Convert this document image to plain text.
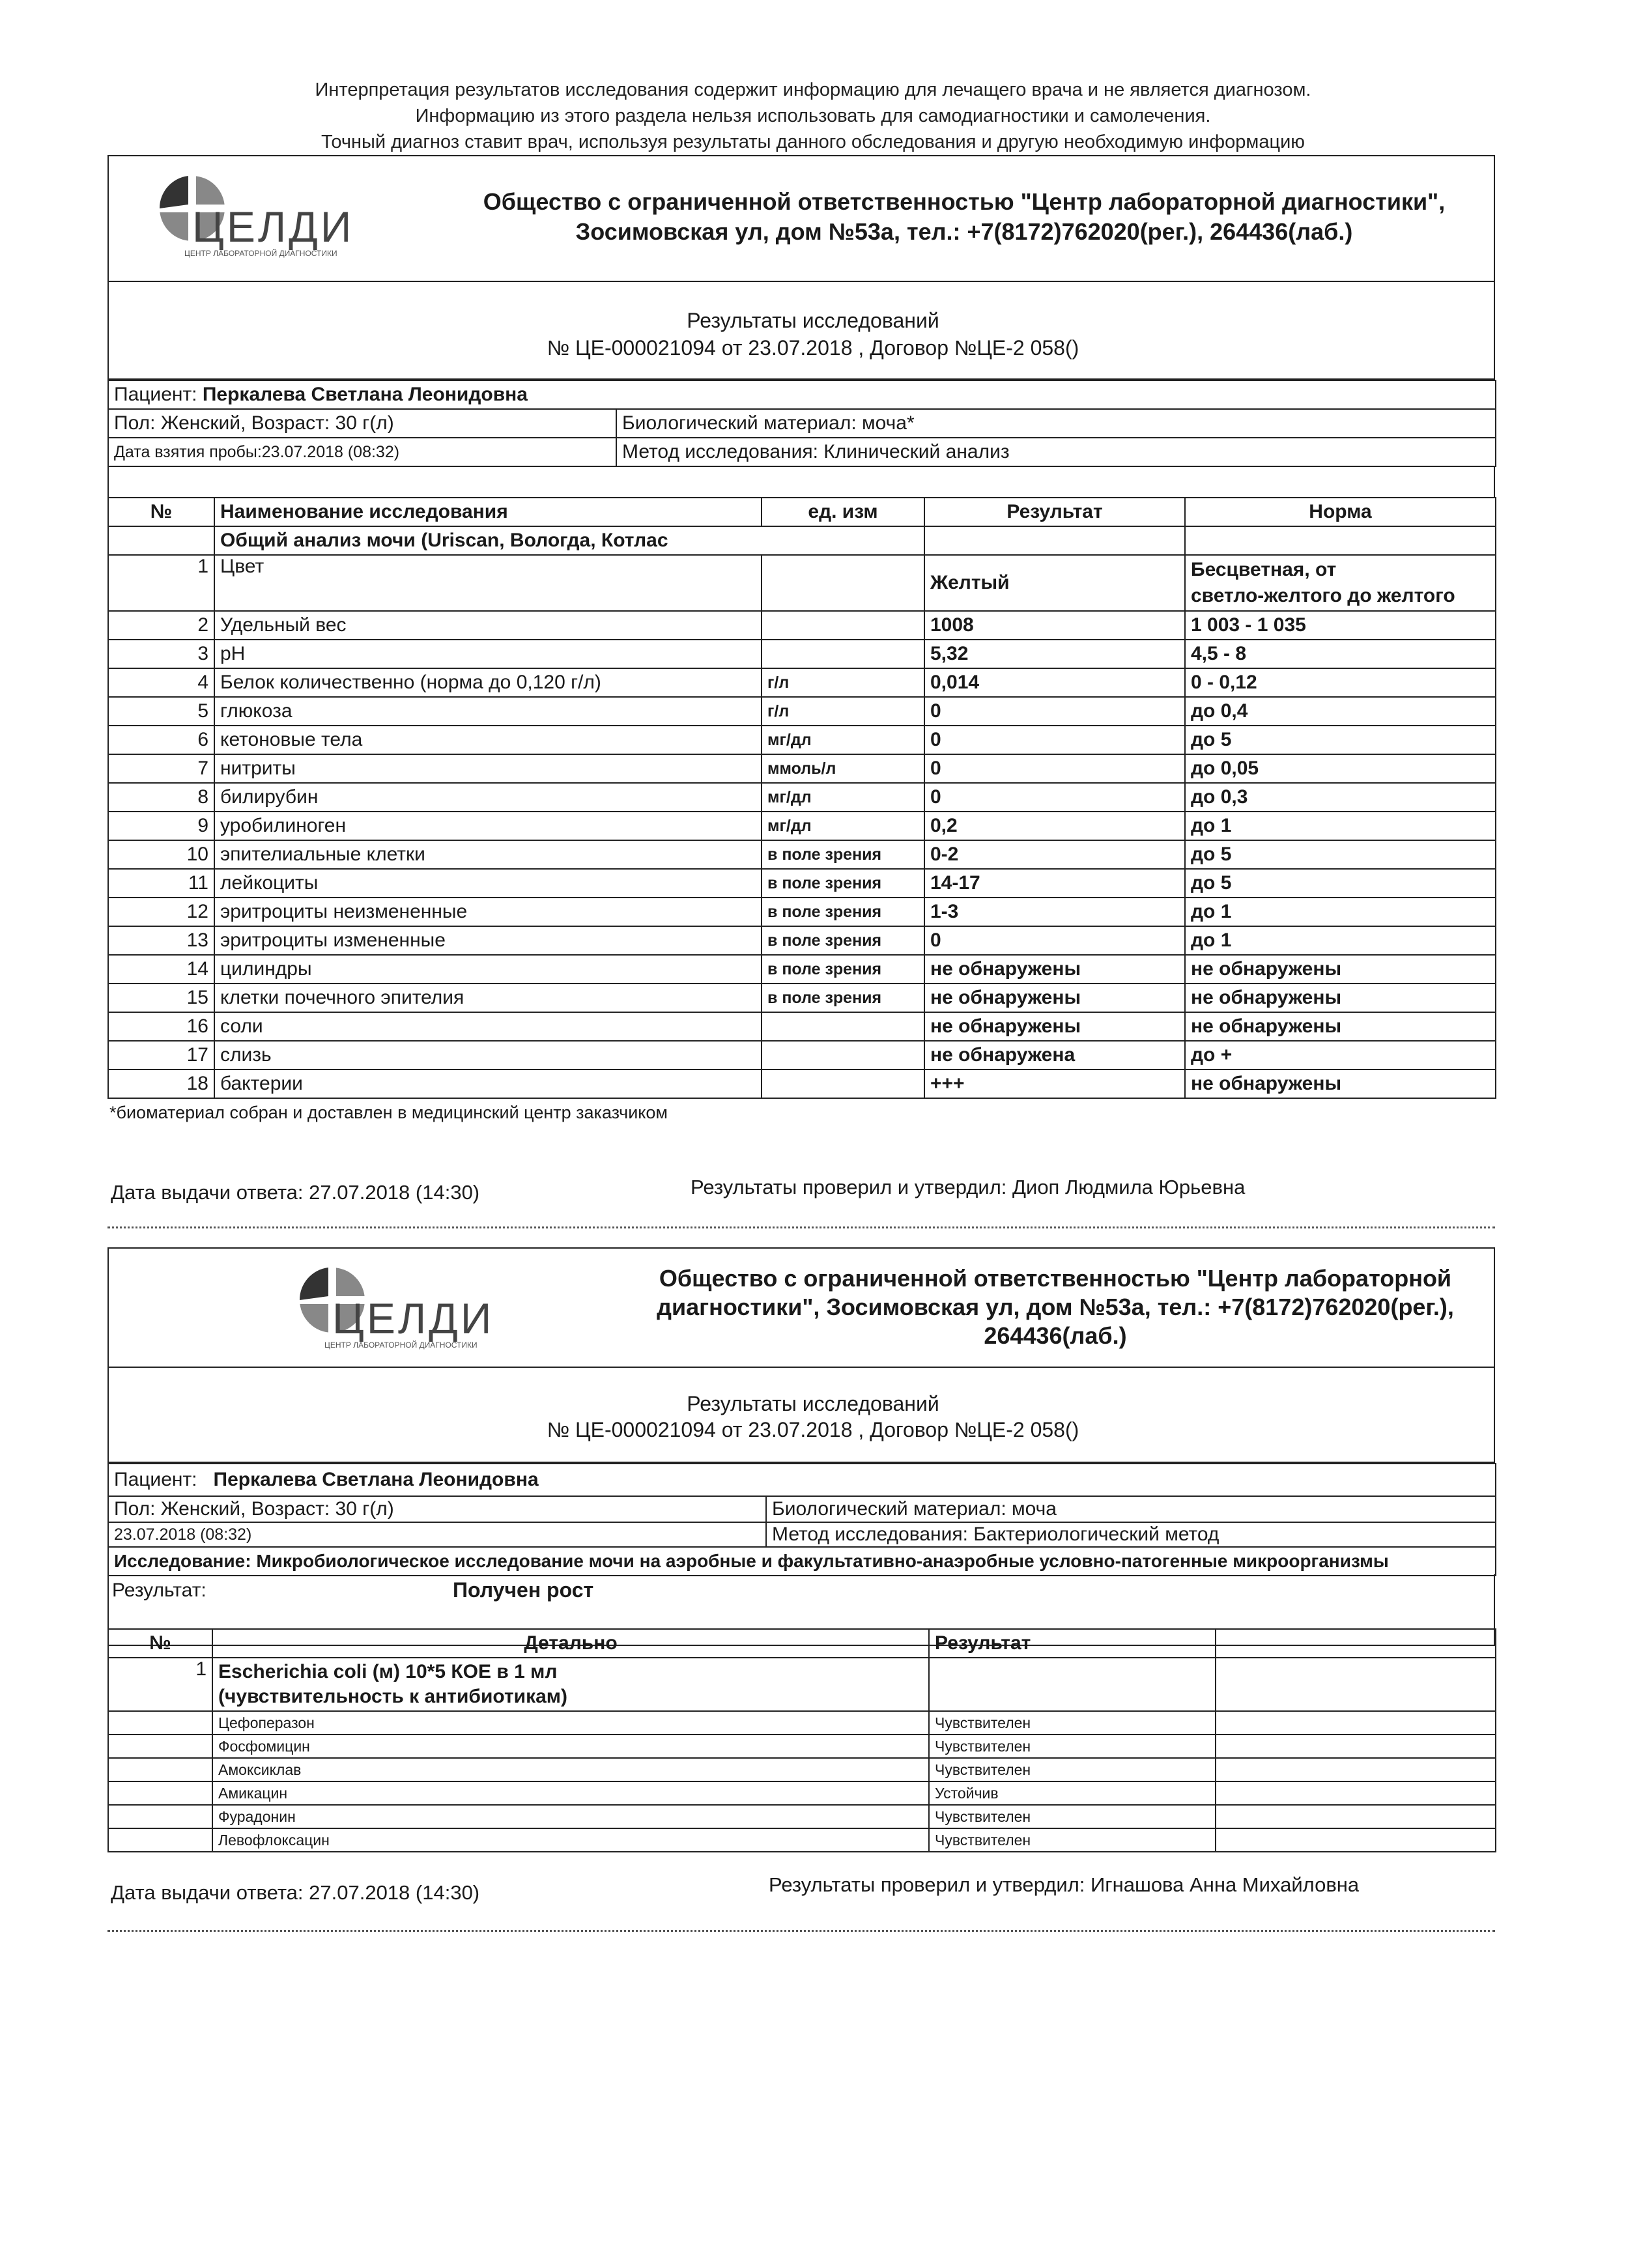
Интерпретация результатов исследования содержит информацию для лечащего врача и не является диагнозом.
Информацию из этого раздела нельзя использовать для самодиагностики и самолечения.
Точный диагноз ставит врач, используя результаты данного обследования и другую необходимую информацию
ЦЕЛДИ
ЦЕНТР ЛАБОРАТОРНОЙ ДИАГНОСТИКИ
Общество с ограниченной ответственностью "Центр лабораторной диагностики",
Зосимовская ул, дом №53а, тел.: +7(8172)762020(рег.), 264436(лаб.)
Результаты исследований
№ ЦЕ-000021094 от 23.07.2018 , Договор №ЦЕ-2 058()
Пациент: Перкалева Светлана Леонидовна	
Пол: Женский, Возраст: 30 г(л)	Биологический материал: моча*
Дата взятия пробы:23.07.2018 (08:32)	Метод исследования: Клинический анализ
№	Наименование исследования	ед. изм	Результат	Норма
	Общий анализ мочи (Uriscan, Вологда, Котлас			
1	Цвет		Желтый	Бесцветная, от
светло-желтого до желтого

2	Удельный вес		1008	1 003 - 1 035
3	pH		5,32	4,5 - 8
4	Белок количественно (норма до 0,120 г/л)	г/л	0,014	0 - 0,12
5	глюкоза	г/л	0	до 0,4
6	кетоновые тела	мг/дл	0	до 5
7	нитриты	ммоль/л	0	до 0,05
8	билирубин	мг/дл	0	до 0,3
9	уробилиноген	мг/дл	0,2	до 1
10	эпителиальные клетки	в поле зрения	0-2	до 5
11	лейкоциты	в поле зрения	14-17	до 5
12	эритроциты неизмененные	в поле зрения	1-3	до 1
13	эритроциты измененные	в поле зрения	0	до 1
14	цилиндры	в поле зрения	не обнаружены	не обнаружены
15	клетки почечного эпителия	в поле зрения	не обнаружены	не обнаружены
16	соли		не обнаружены	не обнаружены
17	слизь		не обнаружена	до +
18	бактерии		+++	не обнаружены
*биоматериал собран и доставлен в медицинский центр заказчиком
Дата выдачи ответа: 27.07.2018 (14:30)	Результаты проверил и утвердил: Диоп Людмила Юрьевна
ЦЕЛДИ
ЦЕНТР ЛАБОРАТОРНОЙ ДИАГНОСТИКИ
Общество с ограниченной ответственностью "Центр лабораторной
диагностики", Зосимовская ул, дом №53а, тел.: +7(8172)762020(рег.),
264436(лаб.)
Результаты исследований
№ ЦЕ-000021094 от 23.07.2018 , Договор №ЦЕ-2 058()
Пациент: Перкалева Светлана Леонидовна	
Пол: Женский, Возраст: 30 г(л)	Биологический материал: моча
23.07.2018 (08:32)	Метод исследования: Бактериологический метод
Исследование: Микробиологическое исследование мочи на аэробные и факультативно-анаэробные условно-патогенные микроорганизмы	
Результат:	Получен рост
№	Детально	Результат	
1	Escherichia coli (м) 10*5 КОЕ в 1 мл
(чувствительность к антибиотикам)		

	Цефоперазон	Чувствителен	
	Фосфомицин	Чувствителен	
	Амоксиклав	Чувствителен	
	Амикацин	Устойчив	
	Фурадонин	Чувствителен	
	Левофлоксацин	Чувствителен	
Дата выдачи ответа: 27.07.2018 (14:30)	Результаты проверил и утвердил: Игнашова Анна Михайловна
